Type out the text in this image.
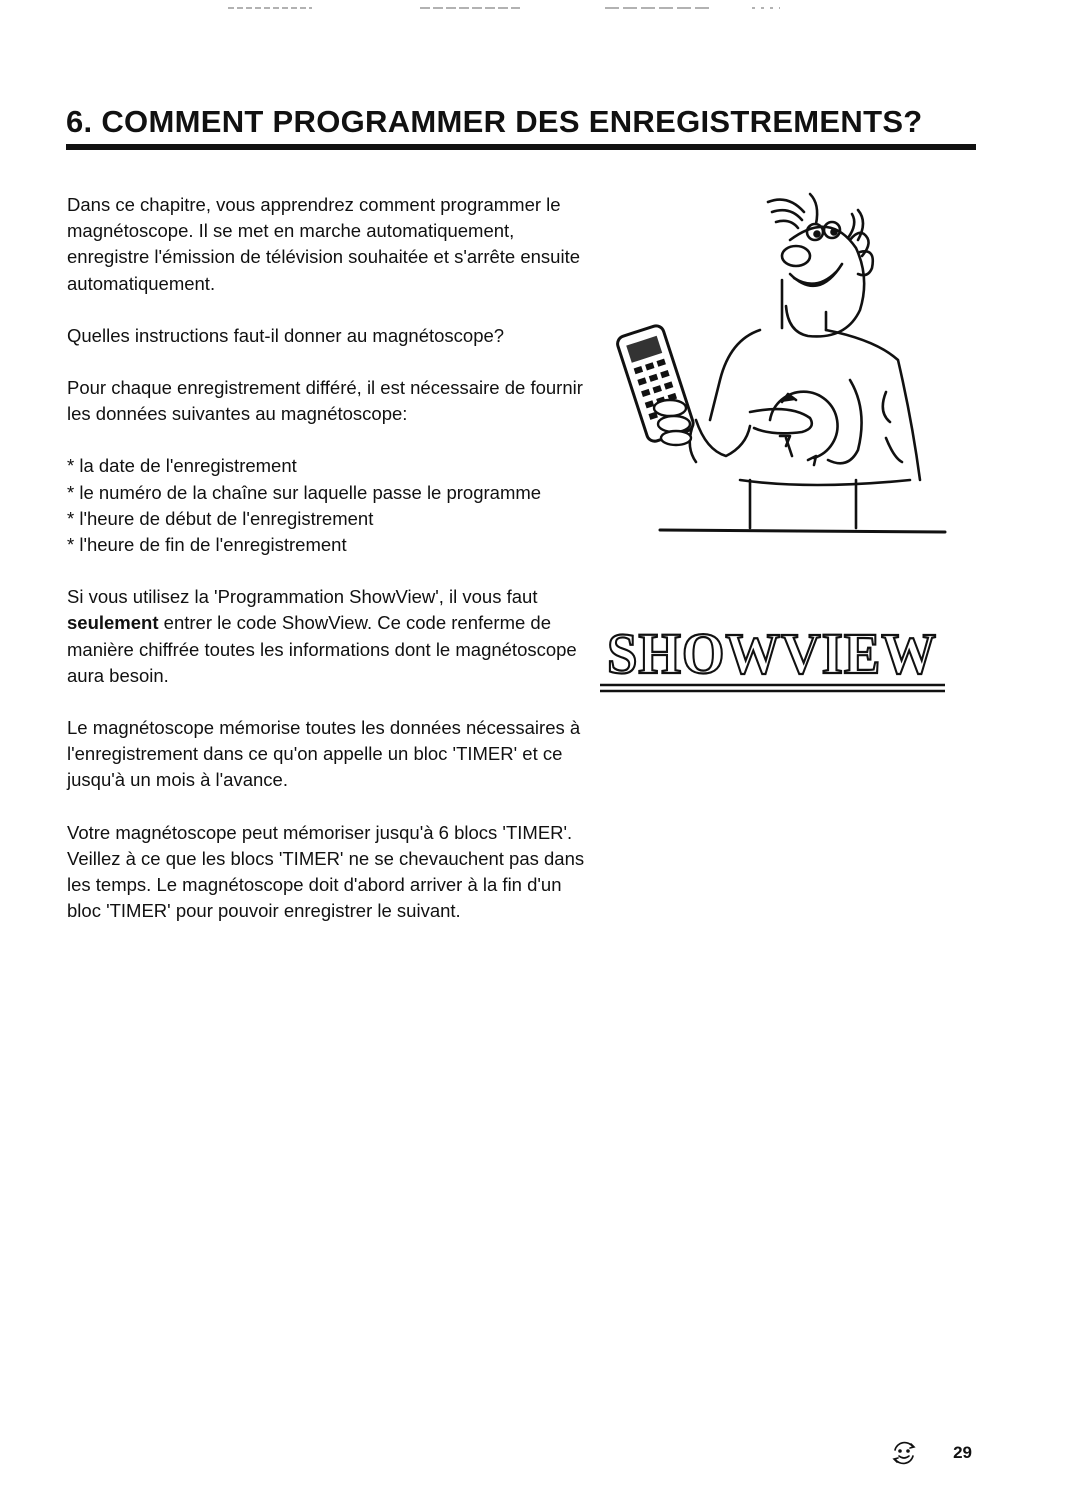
6. COMMENT PROGRAMMER DES ENREGISTREMENTS?

Dans ce chapitre, vous apprendrez comment programmer le magnétoscope. Il se met en marche automatiquement, enregistre l'émission de télévision souhaitée et s'arrête ensuite automatiquement.

Quelles instructions faut-il donner au magnétoscope?

Pour chaque enregistrement différé, il est nécessaire de fournir les données suivantes au magnétoscope:

* la date de l'enregistrement
* le numéro de la chaîne sur laquelle passe le programme
* l'heure de début de l'enregistrement
* l'heure de fin de l'enregistrement

Si vous utilisez la 'Programmation ShowView', il vous faut seulement entrer le code ShowView. Ce code renferme de manière chiffrée toutes les informations dont le magnétoscope aura besoin.

Le magnétoscope mémorise toutes les données nécessaires à l'enregistrement dans ce qu'on appelle un bloc 'TIMER' et ce jusqu'à un mois à l'avance.

Votre magnétoscope peut mémoriser jusqu'à 6 blocs 'TIMER'.

Veillez à ce que les blocs 'TIMER' ne se chevauchent pas dans les temps. Le magnétoscope doit d'abord arriver à la fin d'un bloc 'TIMER' pour pouvoir enregistrer le suivant.

SHOWVIEW
29
